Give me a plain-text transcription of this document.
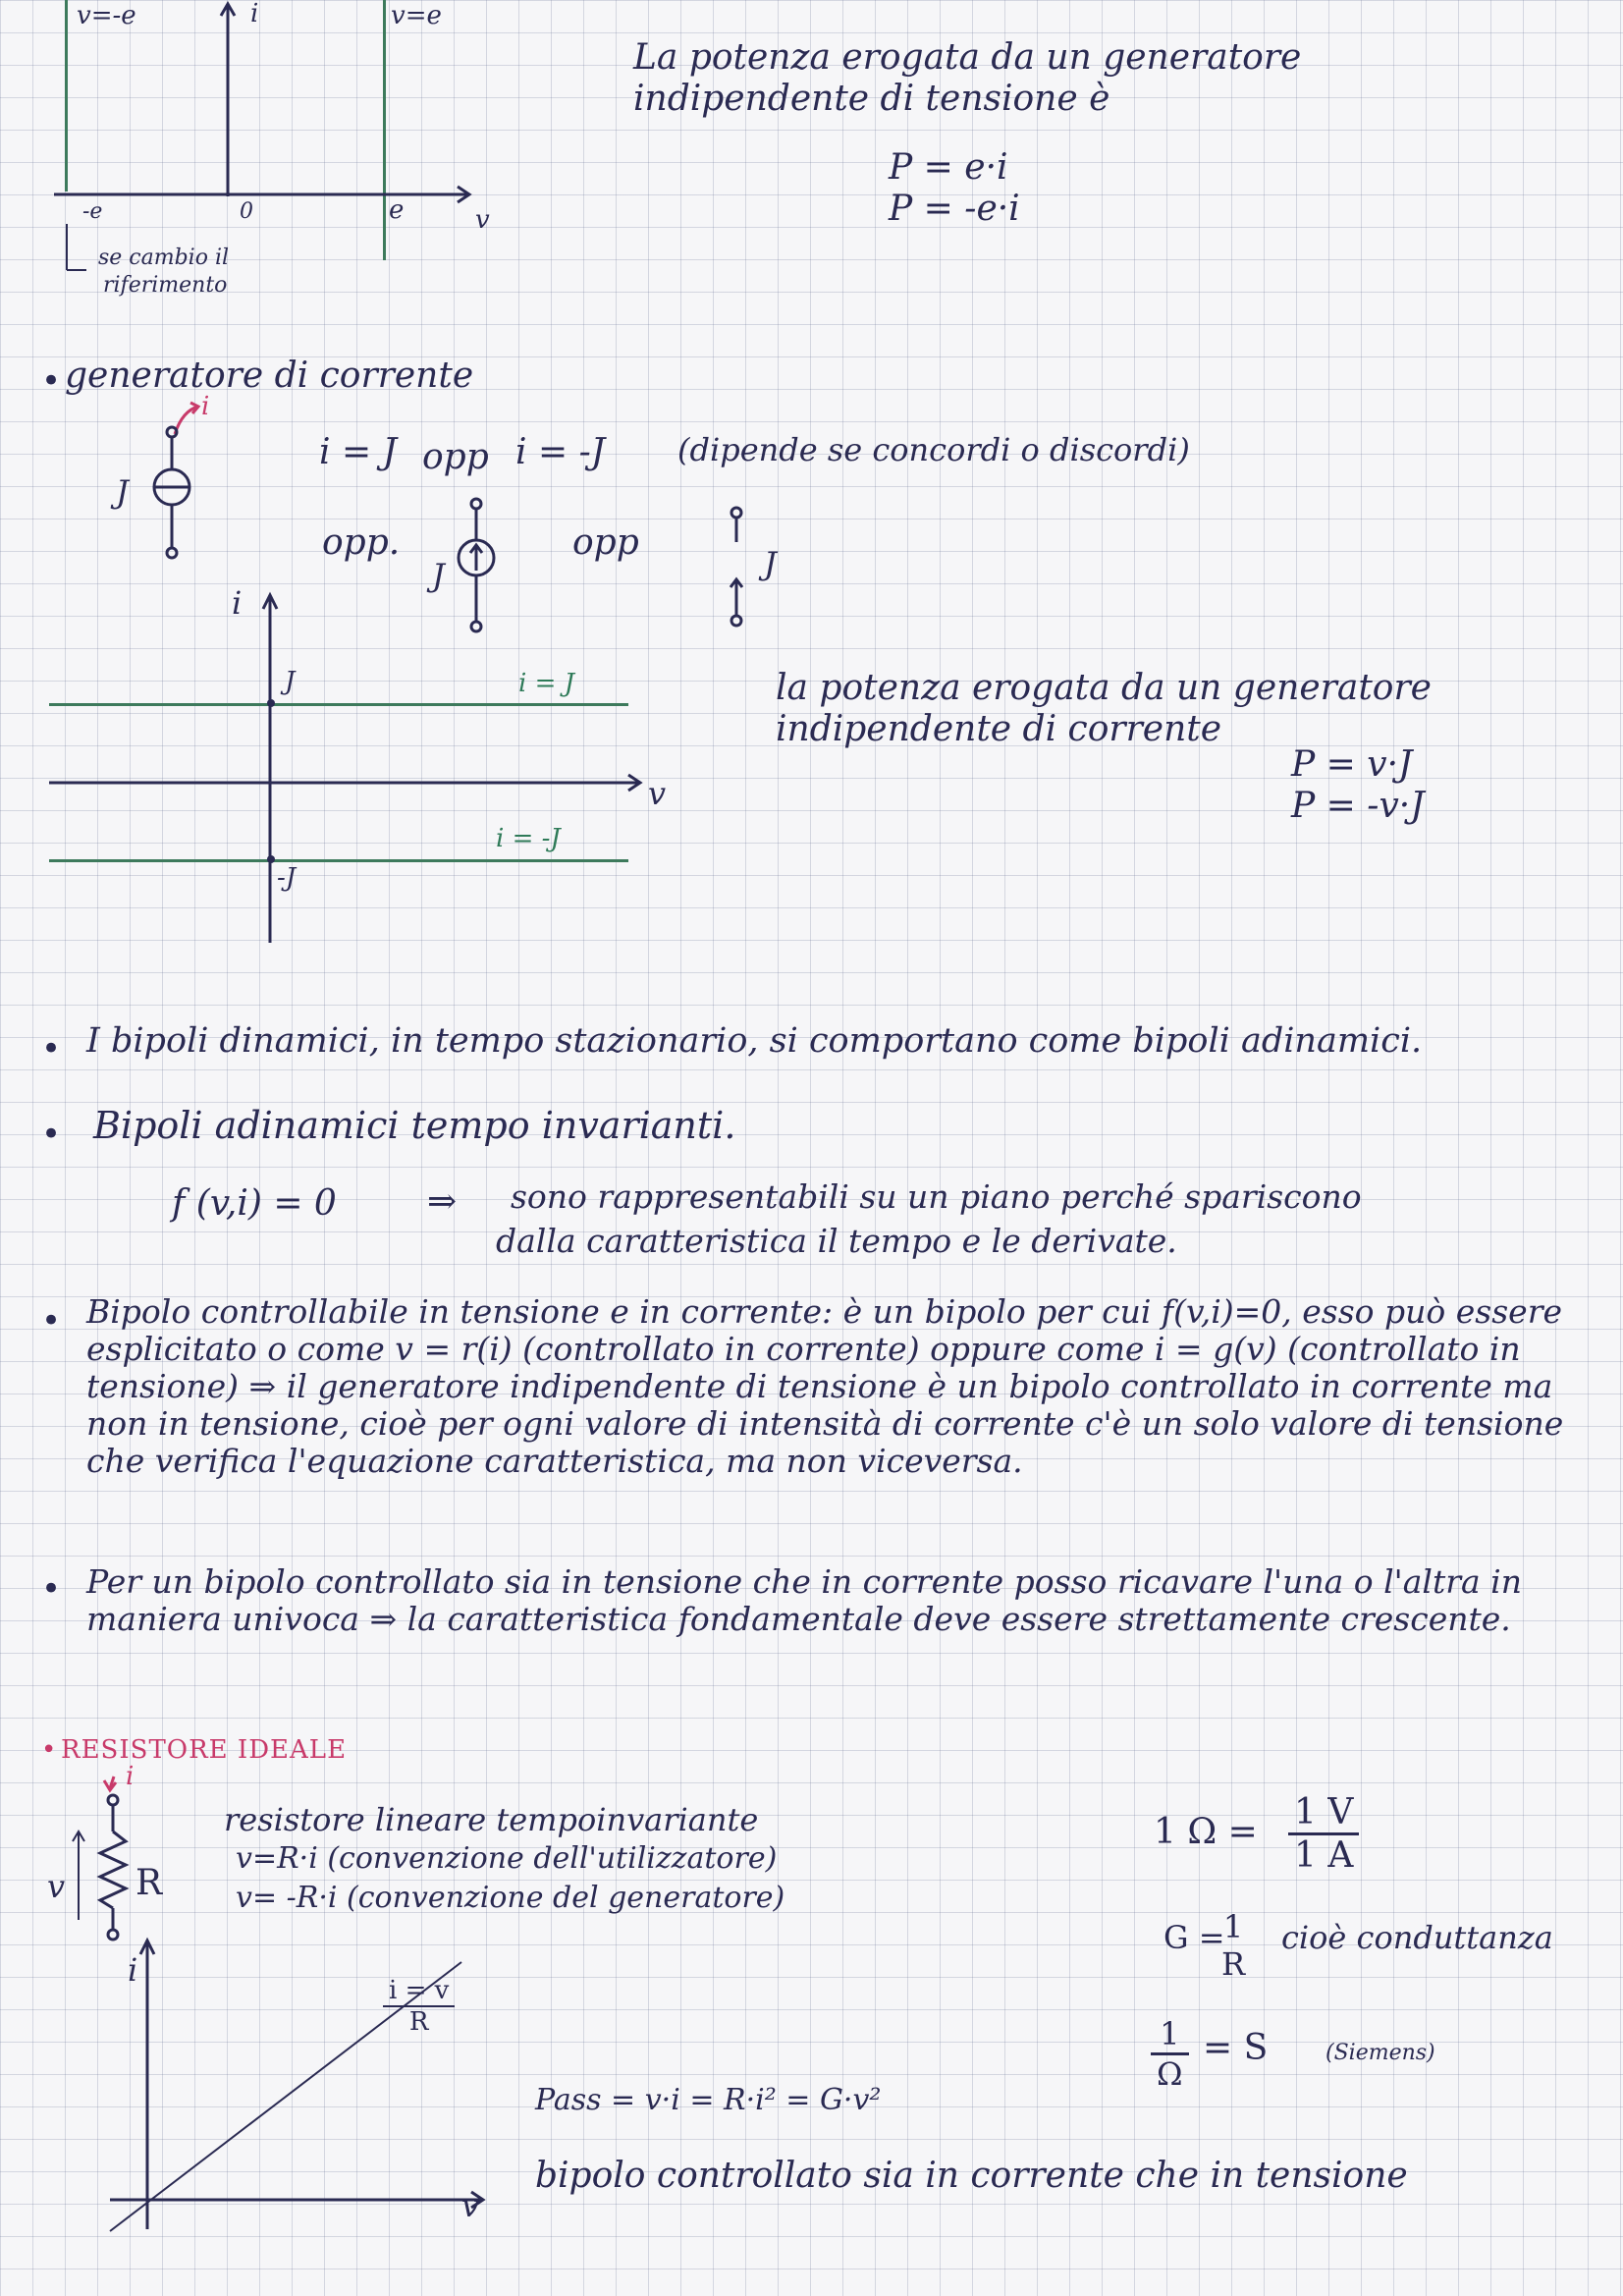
v=-e	i	v=e
-e	0	e	v
se cambio il
riferimento
La potenza erogata da un generatore
indipendente di tensione è
P = e·i
P = -e·i
• generatore di corrente
i
J
i = J opp i = -J (dipende se concordi o discordi)
opp.
J
opp
J
i
J	i = J
v
i = -J
-J
la potenza erogata da un generatore
indipendente di corrente
P = v·J
P = -v·J
• I bipoli dinamici, in tempo stazionario, si comportano come bipoli adinamici.
• Bipoli adinamici tempo invarianti.
f (v,i) = 0	⇒ sono rappresentabili su un piano perché spariscono
dalla caratteristica il tempo e le derivate.
• Bipolo controllabile in tensione e in corrente: è un bipolo per cui f(v,i)=0, esso può essere esplicitato o come v = r(i) (controllato in corrente) oppure come i = g(v) (controllato in tensione) ⇒ il generatore indipendente di tensione è un bipolo controllato in corrente ma non in tensione, cioè per ogni valore di intensità di corrente c'è un solo valore di tensione che verifica l'equazione caratteristica, ma non viceversa.
• Per un bipolo controllato sia in tensione che in corrente posso ricavare l'una o l'altra in maniera univoca ⇒ la caratteristica fondamentale deve essere strettamente crescente.
• RESISTORE IDEALE
i
v R
resistore lineare tempoinvariante
v=R·i (convenzione dell'utilizzatore)
v= -R·i (convenzione del generatore)
1 $\Omega = \frac{1 V}{1 A}$
G =
1
R
cioè conduttanza
$\frac{1}{\Omega} = S$	(Siemens)
i
$\frac{i = v}{R}$
v
Pass = v·i = R·i² = G·v²
bipolo controllato sia in corrente che in tensione
